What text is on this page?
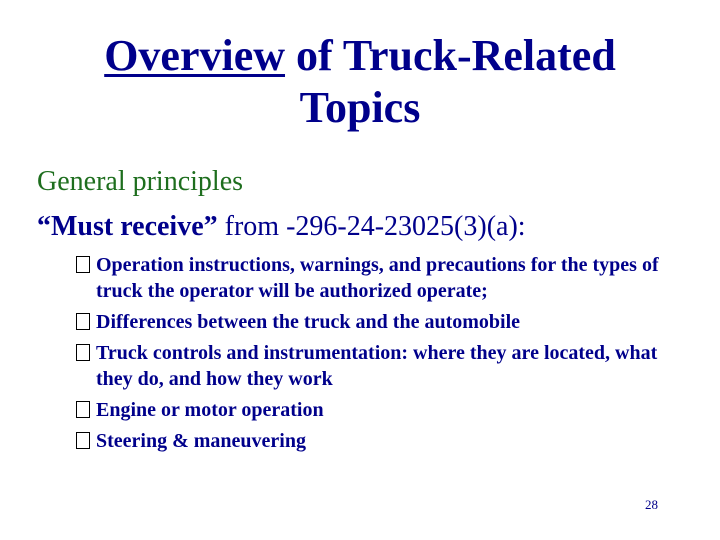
Overview of Truck-Related
Topics
General principles
“Must receive” from -296-24-23025(3)(a):
Operation instructions, warnings, and precautions for the types of truck the operator will be authorized operate;
Differences between the truck and the automobile
Truck controls and instrumentation: where they are located, what they do, and how they work
Engine or motor operation
Steering & maneuvering
28
